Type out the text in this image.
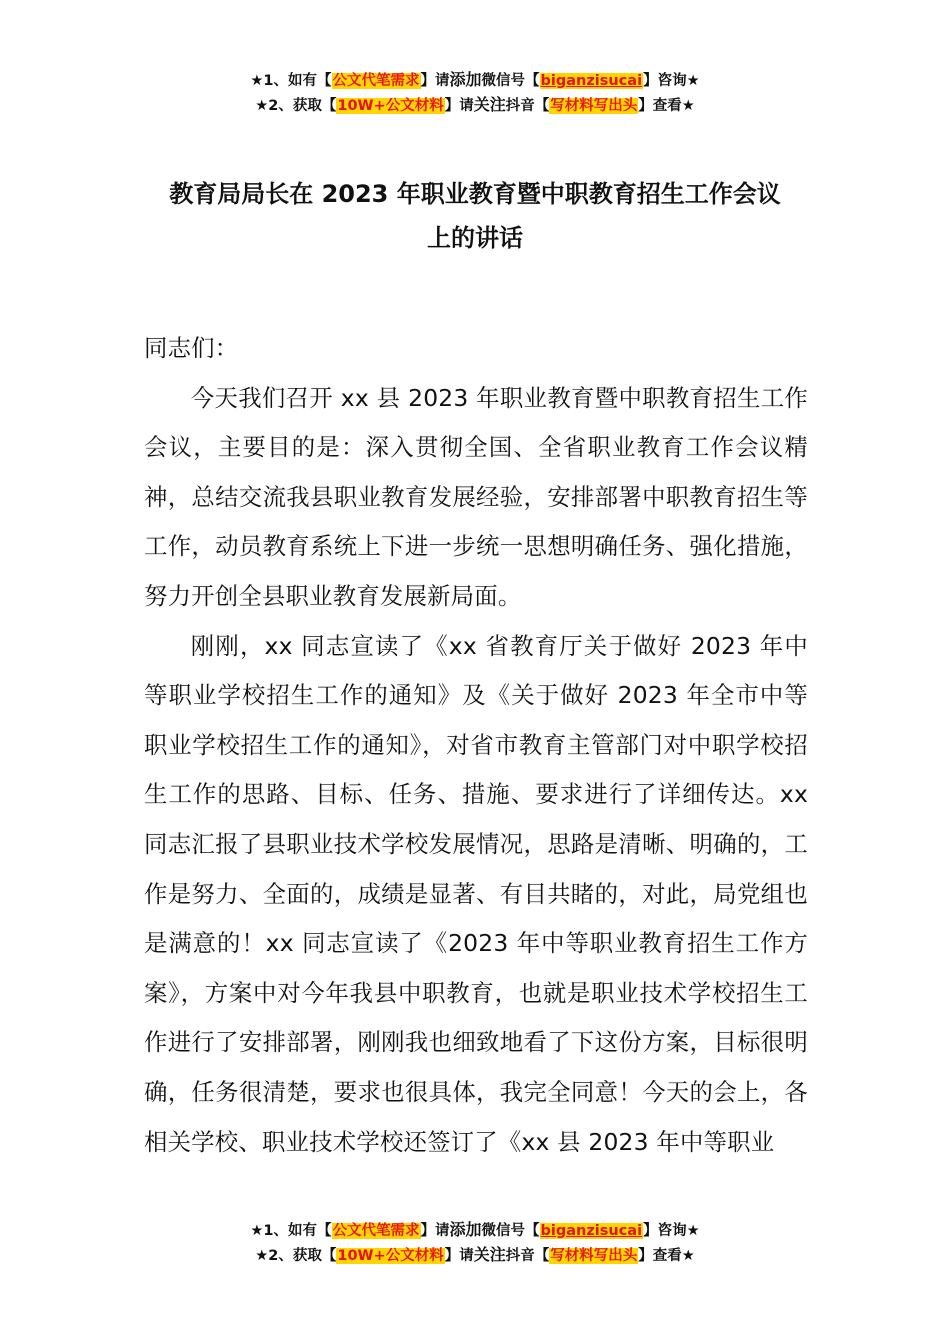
★1、如有【公文代笔需求】请添加微信号【biganzisucai】咨询★
★2、获取【10W+公文材料】请关注抖音【写材料写出头】查看★
教育局局长在 2023 年职业教育暨中职教育招生工作会议
上的讲话

同志们：

今天我们召开 xx 县 2023 年职业教育暨中职教育招生工作会议，主要目的是：深入贯彻全国、全省职业教育工作会议精神，总结交流我县职业教育发展经验，安排部署中职教育招生等工作，动员教育系统上下进一步统一思想明确任务、强化措施，努力开创全县职业教育发展新局面。

刚刚，xx 同志宣读了《xx 省教育厅关于做好 2023 年中等职业学校招生工作的通知》及《关于做好 2023 年全市中等职业学校招生工作的通知》，对省市教育主管部门对中职学校招生工作的思路、目标、任务、措施、要求进行了详细传达。xx 同志汇报了县职业技术学校发展情况，思路是清晰、明确的，工作是努力、全面的，成绩是显著、有目共睹的，对此，局党组也是满意的！xx 同志宣读了《2023 年中等职业教育招生工作方案》，方案中对今年我县中职教育，也就是职业技术学校招生工作进行了安排部署，刚刚我也细致地看了下这份方案，目标很明确，任务很清楚，要求也很具体，我完全同意！今天的会上，各相关学校、职业技术学校还签订了《xx 县 2023 年中等职业

★1、如有【公文代笔需求】请添加微信号【biganzisucai】咨询★
★2、获取【10W+公文材料】请关注抖音【写材料写出头】查看★
